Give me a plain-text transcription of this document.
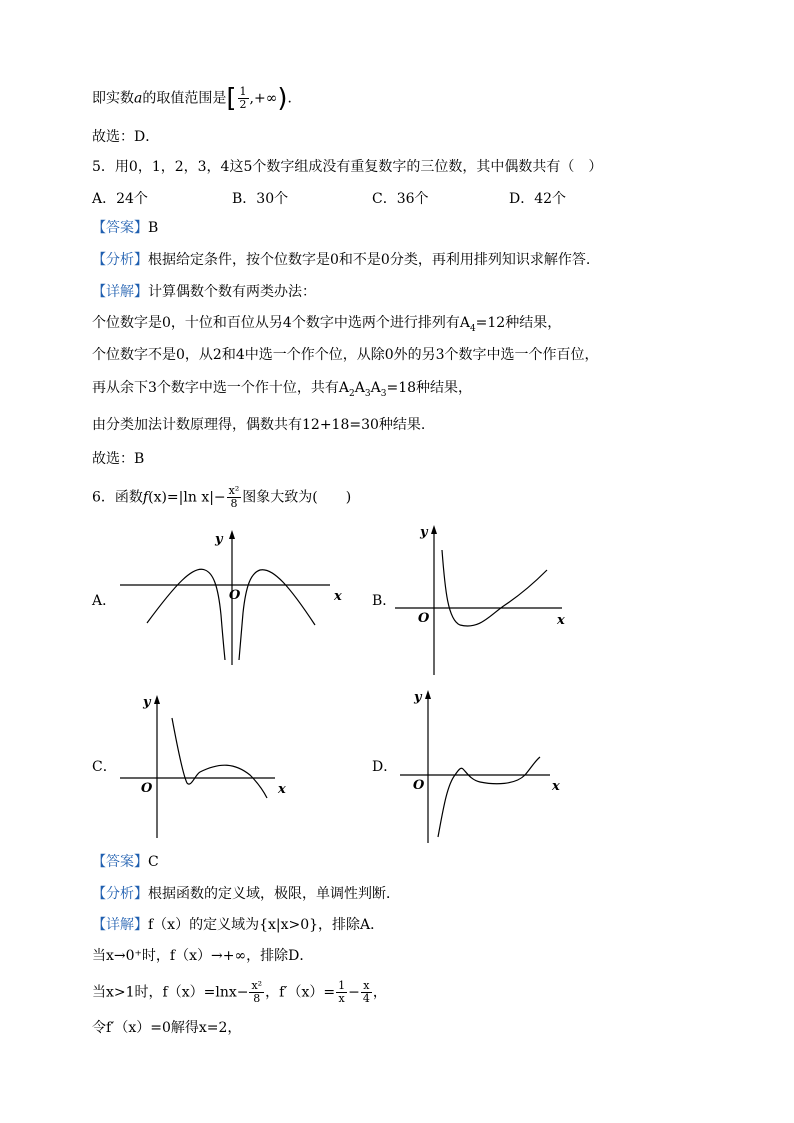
即实数a的取值范围是[ $\frac{1}{2}$ ,+∞)．
故选：D．
5．用0，1，2，3，4这5个数字组成没有重复数字的三位数，其中偶数共有（　）
A．24个	B．30个	C．36个	D．42个
【答案】B
【分析】根据给定条件，按个位数字是0和不是0分类，再利用排列知识求解作答.
【详解】计算偶数个数有两类办法：
个位数字是0，十位和百位从另4个数字中选两个进行排列有$A_4=12$种结果，
个位数字不是0，从2和4中选一个作个位，从除0外的另3个数字中选一个作百位，
再从余下3个数字中选一个作十位，共有$A_2A_3A_3=18$种结果，
由分类加法计数原理得，偶数共有12+18=30种结果.
故选：B
6．函数f(x)=|ln $x|- \frac{\text{x²}}{8}$ 图象大致为(　　)
A．	B．
C．	D．
y
x
O
y
x
O
y
x
O
y
x
O
【答案】C
【分析】根据函数的定义域，极限，单调性判断．
【详解】f（x）的定义域为{x|x>0}，排除A．
当x→0⁺时，f（x）→+∞，排除D．
当x>1时，$f(x)=\ln x- \frac{\text{x²}}{8}$ ，$f'(x)= \frac{1}{x} - \frac{x}{4}$ ，
令f′（x）=0解得x=2，
